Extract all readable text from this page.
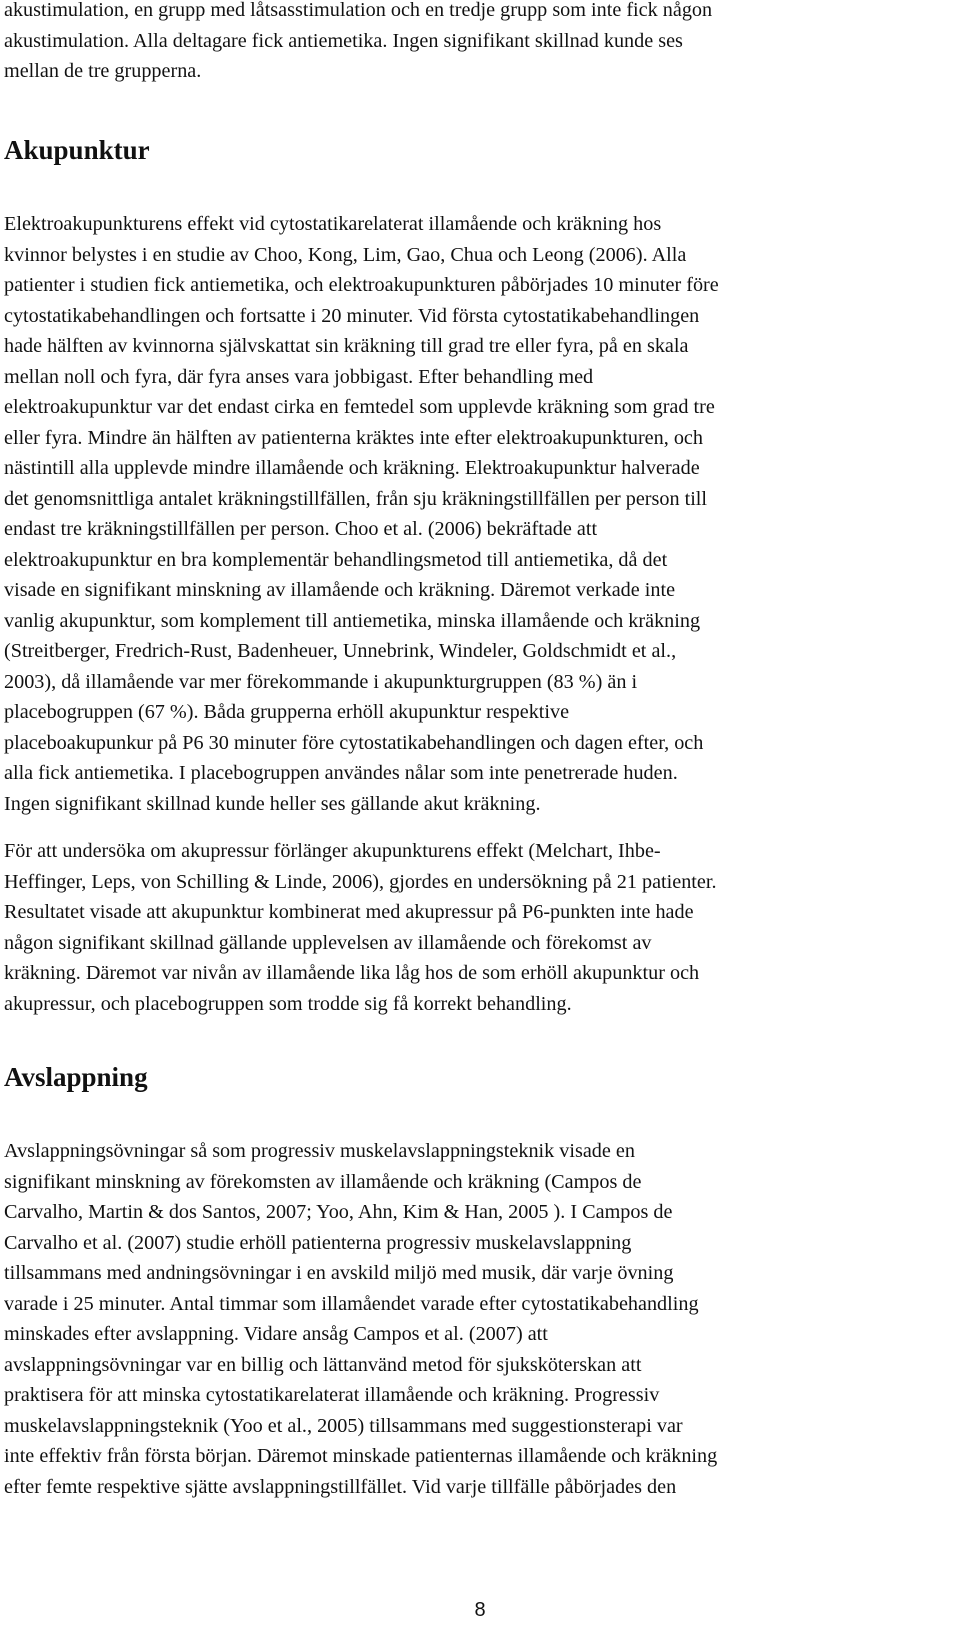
akustimulation, en grupp med låtsasstimulation och en tredje grupp som inte fick någon
akustimulation. Alla deltagare fick antiemetika. Ingen signifikant skillnad kunde ses
mellan de tre grupperna.

Akupunktur

Elektroakupunkturens effekt vid cytostatikarelaterat illamående och kräkning hos
kvinnor belystes i en studie av Choo, Kong, Lim, Gao, Chua och Leong (2006). Alla
patienter i studien fick antiemetika, och elektroakupunkturen påbörjades 10 minuter före
cytostatikabehandlingen och fortsatte i 20 minuter. Vid första cytostatikabehandlingen
hade hälften av kvinnorna självskattat sin kräkning till grad tre eller fyra, på en skala
mellan noll och fyra, där fyra anses vara jobbigast. Efter behandling med
elektroakupunktur var det endast cirka en femtedel som upplevde kräkning som grad tre
eller fyra. Mindre än hälften av patienterna kräktes inte efter elektroakupunkturen, och
nästintill alla upplevde mindre illamående och kräkning. Elektroakupunktur halverade
det genomsnittliga antalet kräkningstillfällen, från sju kräkningstillfällen per person till
endast tre kräkningstillfällen per person. Choo et al. (2006) bekräftade att
elektroakupunktur en bra komplementär behandlingsmetod till antiemetika, då det
visade en signifikant minskning av illamående och kräkning. Däremot verkade inte
vanlig akupunktur, som komplement till antiemetika, minska illamående och kräkning
(Streitberger, Fredrich-Rust, Badenheuer, Unnebrink, Windeler, Goldschmidt et al.,
2003), då illamående var mer förekommande i akupunkturgruppen (83 %) än i
placebogruppen (67 %). Båda grupperna erhöll akupunktur respektive
placeboakupunkur på P6 30 minuter före cytostatikabehandlingen och dagen efter, och
alla fick antiemetika. I placebogruppen användes nålar som inte penetrerade huden.
Ingen signifikant skillnad kunde heller ses gällande akut kräkning.

För att undersöka om akupressur förlänger akupunkturens effekt (Melchart, Ihbe-
Heffinger, Leps, von Schilling & Linde, 2006), gjordes en undersökning på 21 patienter.
Resultatet visade att akupunktur kombinerat med akupressur på P6-punkten inte hade
någon signifikant skillnad gällande upplevelsen av illamående och förekomst av
kräkning. Däremot var nivån av illamående lika låg hos de som erhöll akupunktur och
akupressur, och placebogruppen som trodde sig få korrekt behandling.

Avslappning

Avslappningsövningar så som progressiv muskelavslappningsteknik visade en
signifikant minskning av förekomsten av illamående och kräkning (Campos de
Carvalho, Martin & dos Santos, 2007; Yoo, Ahn, Kim & Han, 2005 ). I Campos de
Carvalho et al. (2007) studie erhöll patienterna progressiv muskelavslappning
tillsammans med andningsövningar i en avskild miljö med musik, där varje övning
varade i 25 minuter. Antal timmar som illamåendet varade efter cytostatikabehandling
minskades efter avslappning. Vidare ansåg Campos et al. (2007) att
avslappningsövningar var en billig och lättanvänd metod för sjuksköterskan att
praktisera för att minska cytostatikarelaterat illamående och kräkning. Progressiv
muskelavslappningsteknik (Yoo et al., 2005) tillsammans med suggestionsterapi var
inte effektiv från första början. Däremot minskade patienternas illamående och kräkning
efter femte respektive sjätte avslappningstillfället. Vid varje tillfälle påbörjades den

8
